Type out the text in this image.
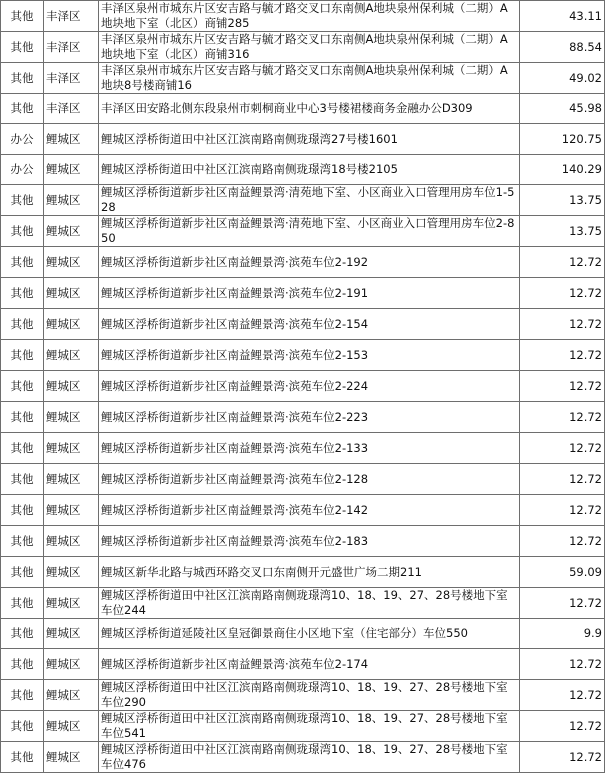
其他	丰泽区	丰泽区泉州市城东片区安吉路与毓才路交叉口东南侧A地块泉州保利城（二期）A地块地下室（北区）商铺285	43.11
其他	丰泽区	丰泽区泉州市城东片区安吉路与毓才路交叉口东南侧A地块泉州保利城（二期）A地块地下室（北区）商铺316	88.54
其他	丰泽区	丰泽区泉州市城东片区安吉路与毓才路交叉口东南侧A地块泉州保利城（二期）A地块8号楼商铺16	49.02
其他	丰泽区	丰泽区田安路北侧东段泉州市刺桐商业中心3号楼裙楼商务金融办公D309	45.98
办公	鲤城区	鲤城区浮桥街道田中社区江滨南路南侧珑璟湾27号楼1601	120.75
办公	鲤城区	鲤城区浮桥街道田中社区江滨南路南侧珑璟湾18号楼2105	140.29
其他	鲤城区	鲤城区浮桥街道新步社区南益鲤景湾·清苑地下室、小区商业入口管理用房车位1-528	13.75
其他	鲤城区	鲤城区浮桥街道新步社区南益鲤景湾·清苑地下室、小区商业入口管理用房车位2-850	13.75
其他	鲤城区	鲤城区浮桥街道新步社区南益鲤景湾·滨苑车位2-192	12.72
其他	鲤城区	鲤城区浮桥街道新步社区南益鲤景湾·滨苑车位2-191	12.72
其他	鲤城区	鲤城区浮桥街道新步社区南益鲤景湾·滨苑车位2-154	12.72
其他	鲤城区	鲤城区浮桥街道新步社区南益鲤景湾·滨苑车位2-153	12.72
其他	鲤城区	鲤城区浮桥街道新步社区南益鲤景湾·滨苑车位2-224	12.72
其他	鲤城区	鲤城区浮桥街道新步社区南益鲤景湾·滨苑车位2-223	12.72
其他	鲤城区	鲤城区浮桥街道新步社区南益鲤景湾·滨苑车位2-133	12.72
其他	鲤城区	鲤城区浮桥街道新步社区南益鲤景湾·滨苑车位2-128	12.72
其他	鲤城区	鲤城区浮桥街道新步社区南益鲤景湾·滨苑车位2-142	12.72
其他	鲤城区	鲤城区浮桥街道新步社区南益鲤景湾·滨苑车位2-183	12.72
其他	鲤城区	鲤城区新华北路与城西环路交叉口东南侧开元盛世广场二期211	59.09
其他	鲤城区	鲤城区浮桥街道田中社区江滨南路南侧珑璟湾10、18、19、27、28号楼地下室车位244	12.72
其他	鲤城区	鲤城区浮桥街道延陵社区皇冠御景商住小区地下室（住宅部分）车位550	9.9
其他	鲤城区	鲤城区浮桥街道新步社区南益鲤景湾·滨苑车位2-174	12.72
其他	鲤城区	鲤城区浮桥街道田中社区江滨南路南侧珑璟湾10、18、19、27、28号楼地下室车位290	12.72
其他	鲤城区	鲤城区浮桥街道田中社区江滨南路南侧珑璟湾10、18、19、27、28号楼地下室车位541	12.72
其他	鲤城区	鲤城区浮桥街道田中社区江滨南路南侧珑璟湾10、18、19、27、28号楼地下室车位476	12.72
